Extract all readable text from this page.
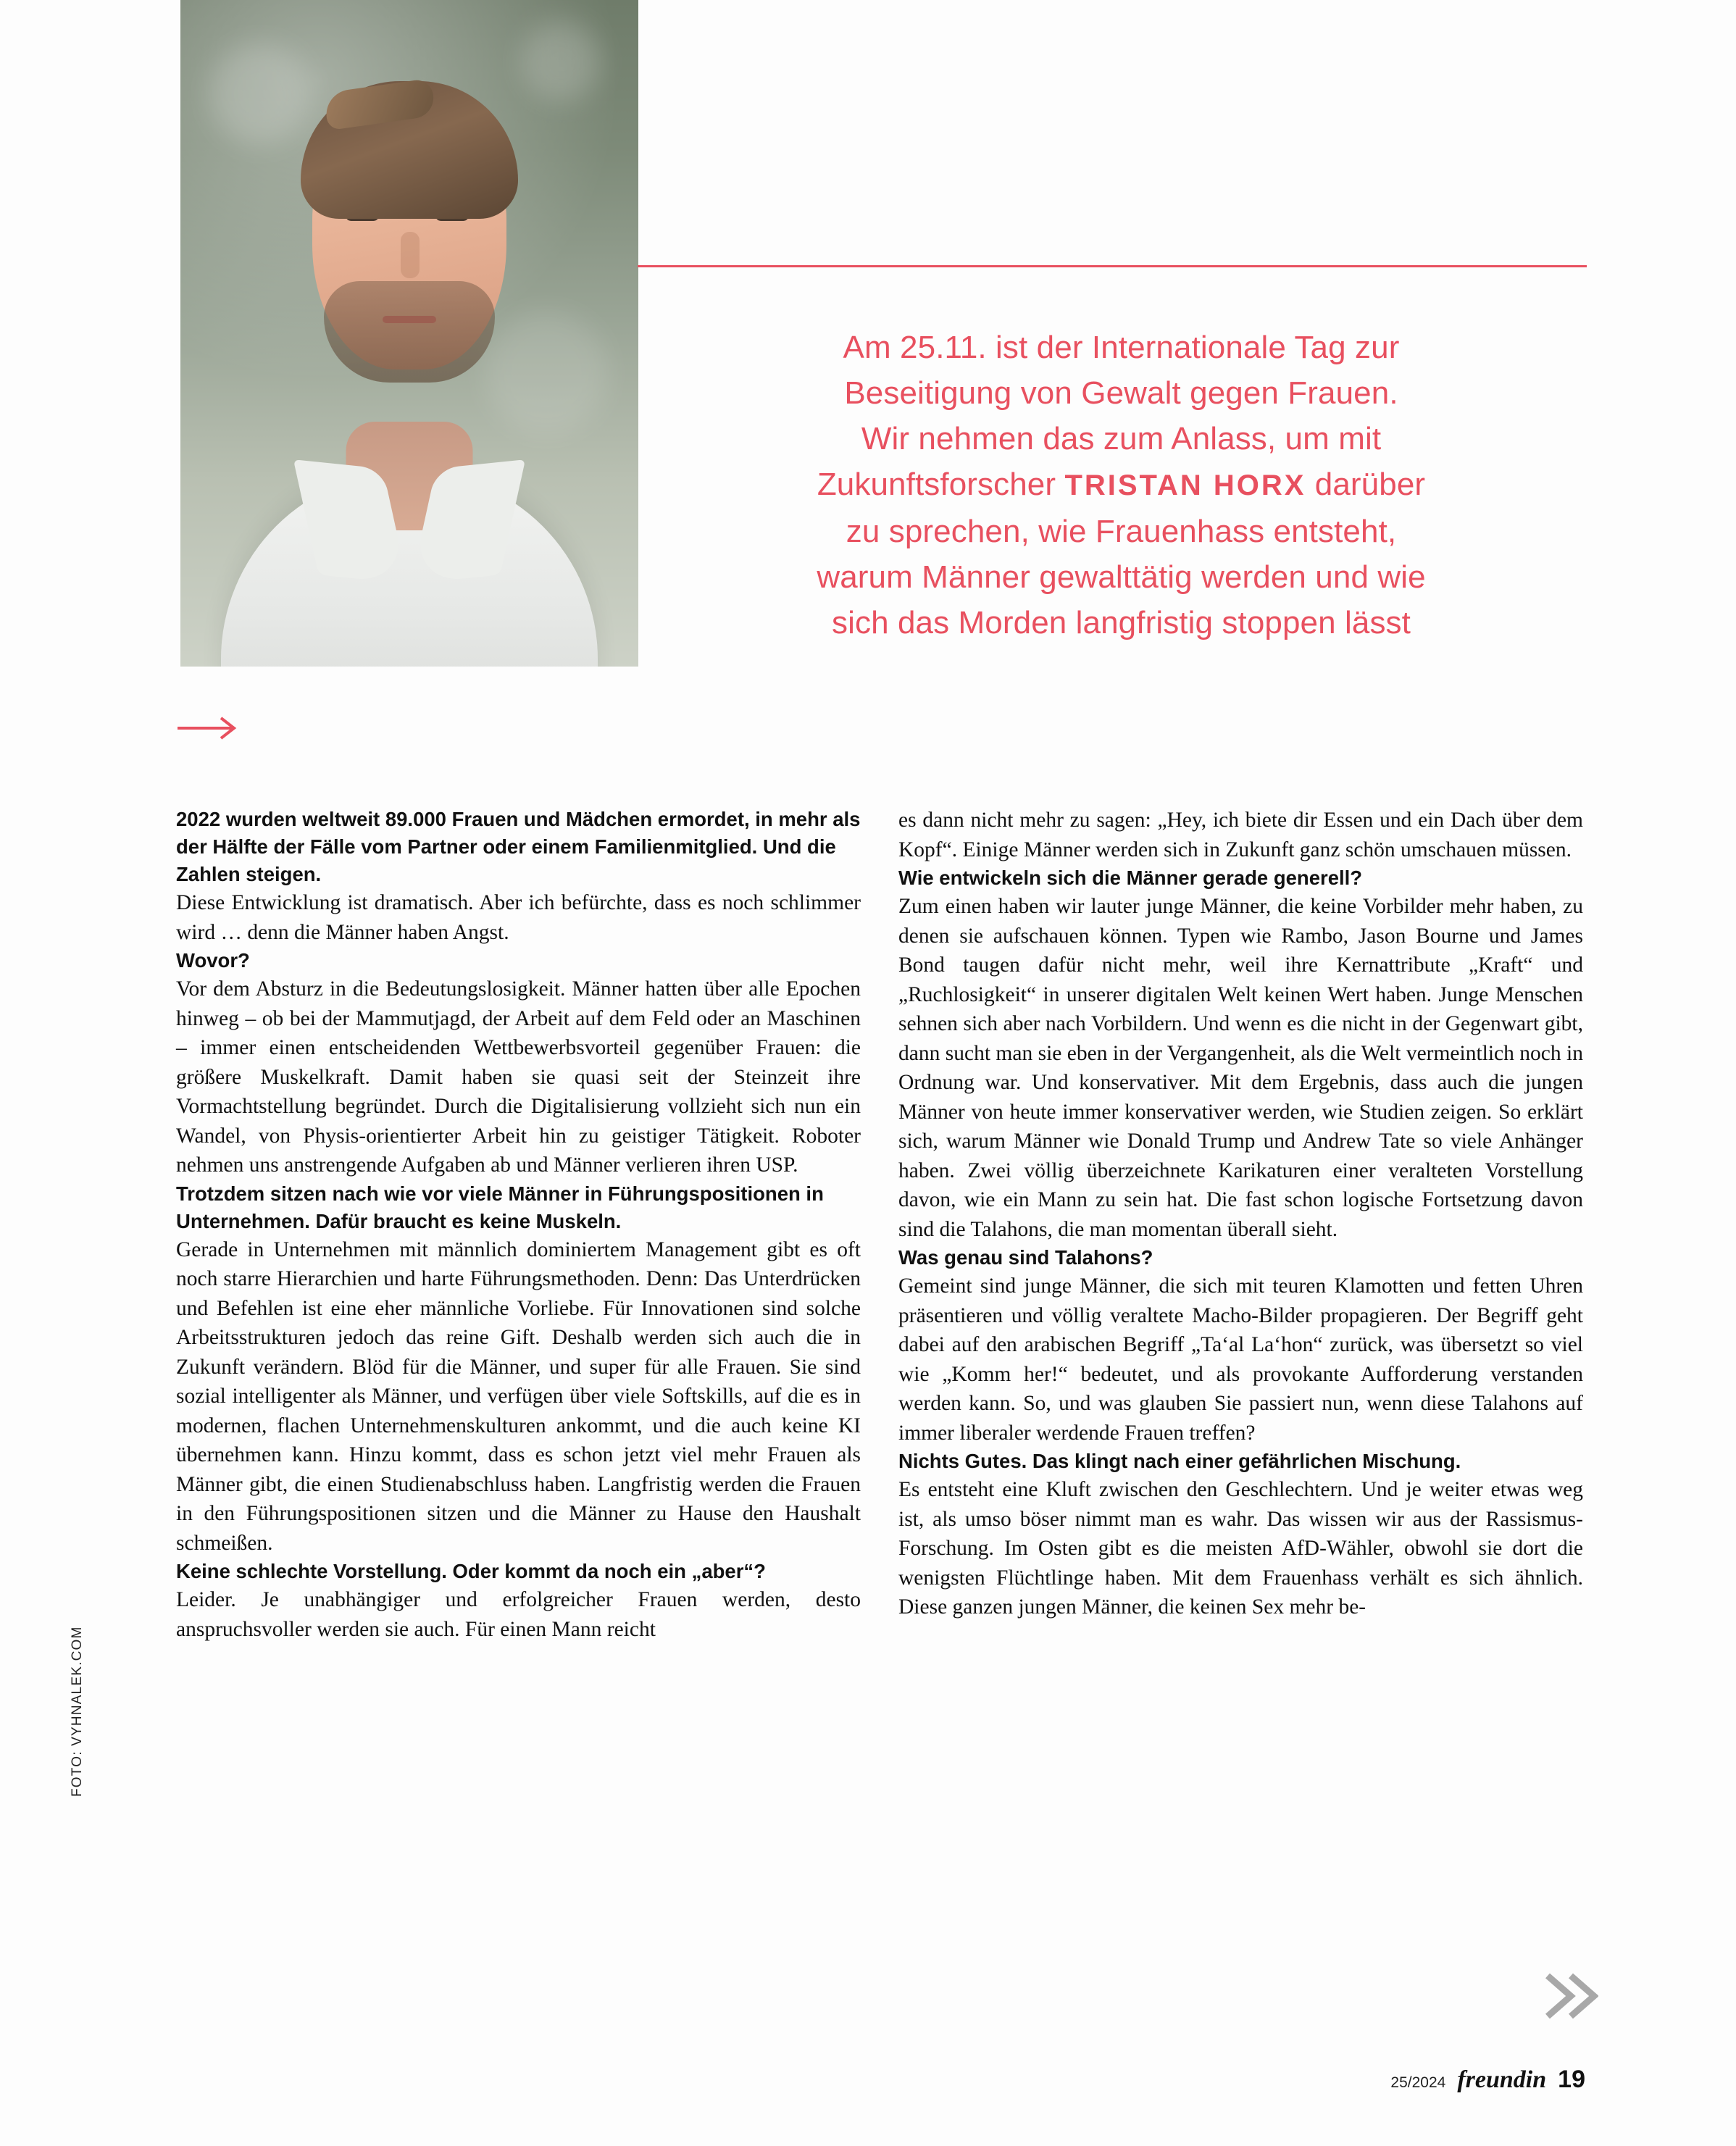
Am 25.11. ist der Internationale Tag zur
Beseitigung von Gewalt gegen Frauen.
Wir nehmen das zum Anlass, um mit
Zukunftsforscher TRISTAN HORX darüber
zu sprechen, wie Frauenhass entsteht,
warum Männer gewalttätig werden und wie
sich das Morden langfristig stoppen lässt

2022 wurden weltweit 89.000 Frauen und Mädchen ermordet, in mehr als der Hälfte der Fälle vom Partner oder einem Familienmitglied. Und die Zahlen steigen.

Diese Entwicklung ist dramatisch. Aber ich befürchte, dass es noch schlimmer wird … denn die Männer haben Angst.

Wovor?

Vor dem Absturz in die Bedeutungslosigkeit. Männer hatten über alle Epochen hinweg – ob bei der Mammutjagd, der Arbeit auf dem Feld oder an Maschinen – immer einen entscheidenden Wettbewerbsvorteil gegenüber Frauen: die größere Muskelkraft. Damit haben sie quasi seit der Steinzeit ihre Vormachtstellung begründet. Durch die Digitalisierung vollzieht sich nun ein Wandel, von Physis-orientierter Arbeit hin zu geistiger Tätigkeit. Roboter nehmen uns anstrengende Aufgaben ab und Männer verlieren ihren USP.

Trotzdem sitzen nach wie vor viele Männer in Führungspositionen in Unternehmen. Dafür braucht es keine Muskeln.

Gerade in Unternehmen mit männlich dominiertem Management gibt es oft noch starre Hierarchien und harte Führungsmethoden. Denn: Das Unterdrücken und Befehlen ist eine eher männliche Vorliebe. Für Innovationen sind solche Arbeitsstrukturen jedoch das reine Gift. Deshalb werden sich auch die in Zukunft verändern. Blöd für die Männer, und super für alle Frauen. Sie sind sozial intelligenter als Männer, und verfügen über viele Softskills, auf die es in modernen, flachen Unternehmenskulturen ankommt, und die auch keine KI übernehmen kann. Hinzu kommt, dass es schon jetzt viel mehr Frauen als Männer gibt, die einen Studienabschluss haben. Langfristig werden die Frauen in den Führungspositionen sitzen und die Männer zu Hause den Haushalt schmeißen.

Keine schlechte Vorstellung. Oder kommt da noch ein „aber“?

Leider. Je unabhängiger und erfolgreicher Frauen werden, desto anspruchsvoller werden sie auch. Für einen Mann reicht

es dann nicht mehr zu sagen: „Hey, ich biete dir Essen und ein Dach über dem Kopf“. Einige Männer werden sich in Zukunft ganz schön umschauen müssen.

Wie entwickeln sich die Männer gerade generell?

Zum einen haben wir lauter junge Männer, die keine Vorbilder mehr haben, zu denen sie aufschauen können. Typen wie Rambo, Jason Bourne und James Bond taugen dafür nicht mehr, weil ihre Kernattribute „Kraft“ und „Ruchlosigkeit“ in unserer digitalen Welt keinen Wert haben. Junge Menschen sehnen sich aber nach Vorbildern. Und wenn es die nicht in der Gegenwart gibt, dann sucht man sie eben in der Vergangenheit, als die Welt vermeintlich noch in Ordnung war. Und konservativer. Mit dem Ergebnis, dass auch die jungen Männer von heute immer konservativer werden, wie Studien zeigen. So erklärt sich, warum Männer wie Donald Trump und Andrew Tate so viele Anhänger haben. Zwei völlig überzeichnete Karikaturen einer veralteten Vorstellung davon, wie ein Mann zu sein hat. Die fast schon logische Fortsetzung davon sind die Talahons, die man momentan überall sieht.

Was genau sind Talahons?

Gemeint sind junge Männer, die sich mit teuren Klamotten und fetten Uhren präsentieren und völlig veraltete Macho-Bilder propagieren. Der Begriff geht dabei auf den arabischen Begriff „Ta‘al La‘hon“ zurück, was übersetzt so viel wie „Komm her!“ bedeutet, und als provokante Aufforderung verstanden werden kann. So, und was glauben Sie passiert nun, wenn diese Talahons auf immer liberaler werdende Frauen treffen?

Nichts Gutes. Das klingt nach einer gefährlichen Mischung.

Es entsteht eine Kluft zwischen den Geschlechtern. Und je weiter etwas weg ist, als umso böser nimmt man es wahr. Das wissen wir aus der Rassismus-Forschung. Im Osten gibt es die meisten AfD-Wähler, obwohl sie dort die wenigsten Flüchtlinge haben. Mit dem Frauenhass verhält es sich ähnlich. Diese ganzen jungen Männer, die keinen Sex mehr be-

FOTO: VYHNALEK.COM
25/2024 freundin 19
